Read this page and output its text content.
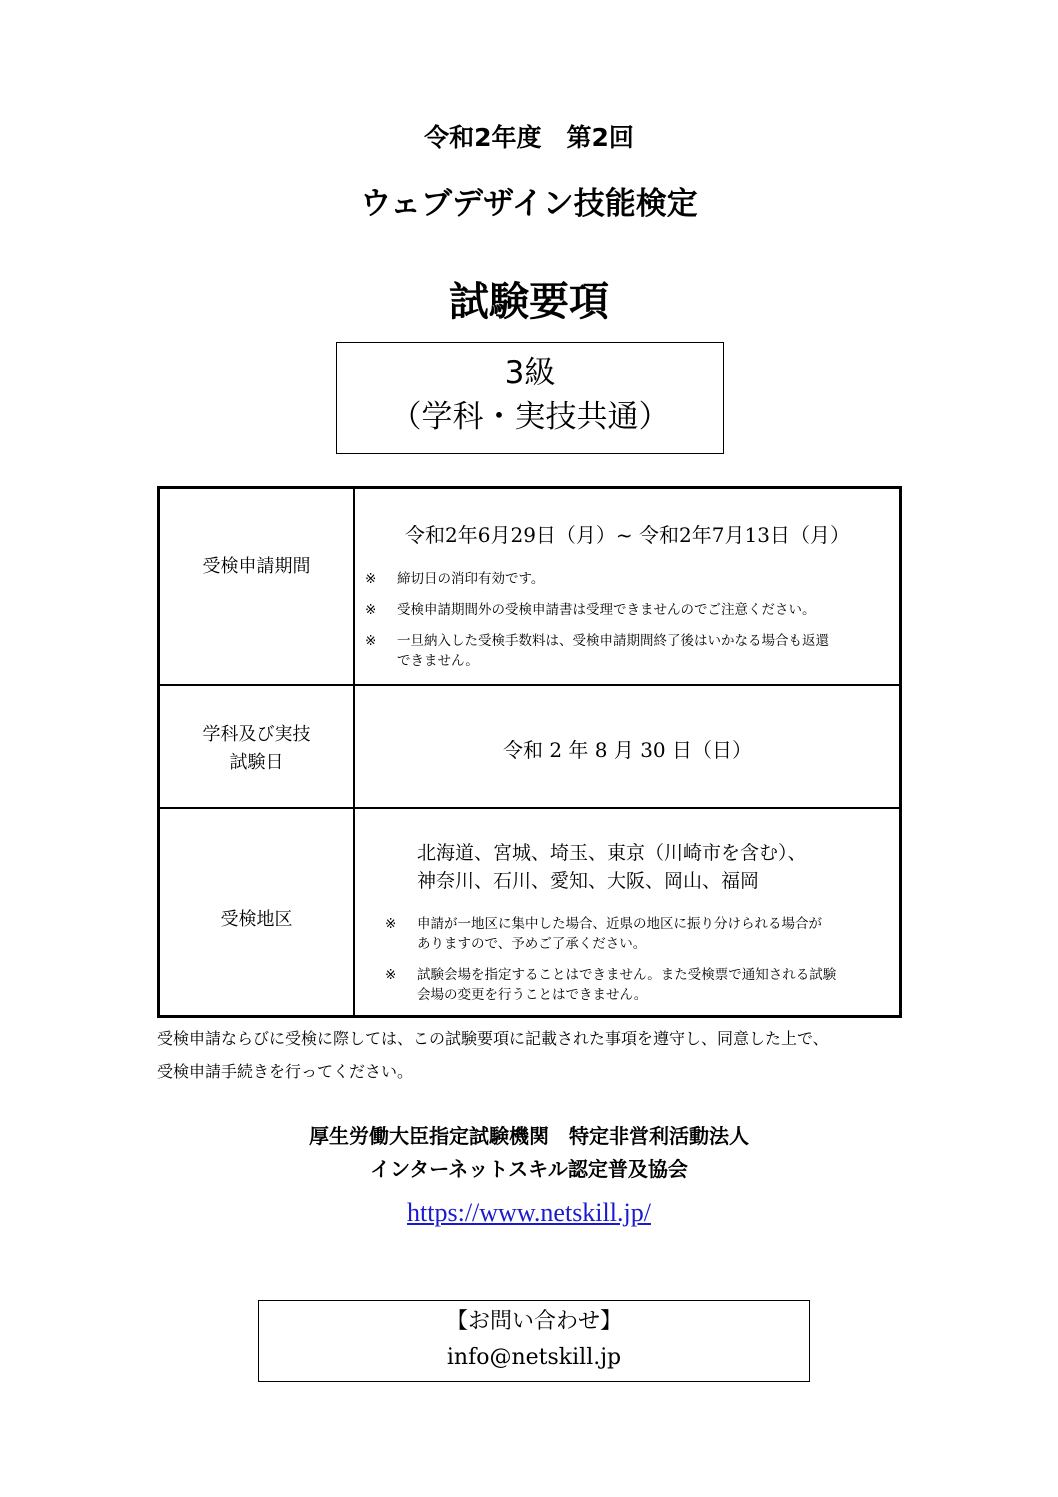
令和2年度　第2回
ウェブデザイン技能検定
試験要項
3級
（学科・実技共通）
受検申請期間
令和2年6月29日（月）~ 令和2年7月13日（月）
※ 締切日の消印有効です。
※ 受検申請期間外の受検申請書は受理できませんのでご注意ください。
※ 一旦納入した受検手数料は、受検申請期間終了後はいかなる場合も返還
できません。
学科及び実技
試験日
令和 2 年 8 月 30 日（日）
受検地区
北海道、宮城、埼玉、東京（川崎市を含む）、
神奈川、石川、愛知、大阪、岡山、福岡
※ 申請が一地区に集中した場合、近県の地区に振り分けられる場合が
ありますので、予めご了承ください。
※ 試験会場を指定することはできません。また受検票で通知される試験
会場の変更を行うことはできません。
受検申請ならびに受検に際しては、この試験要項に記載された事項を遵守し、同意した上で、
受検申請手続きを行ってください。
厚生労働大臣指定試験機関　特定非営利活動法人
インターネットスキル認定普及協会
https://www.netskill.jp/
【お問い合わせ】
info@netskill.jp
